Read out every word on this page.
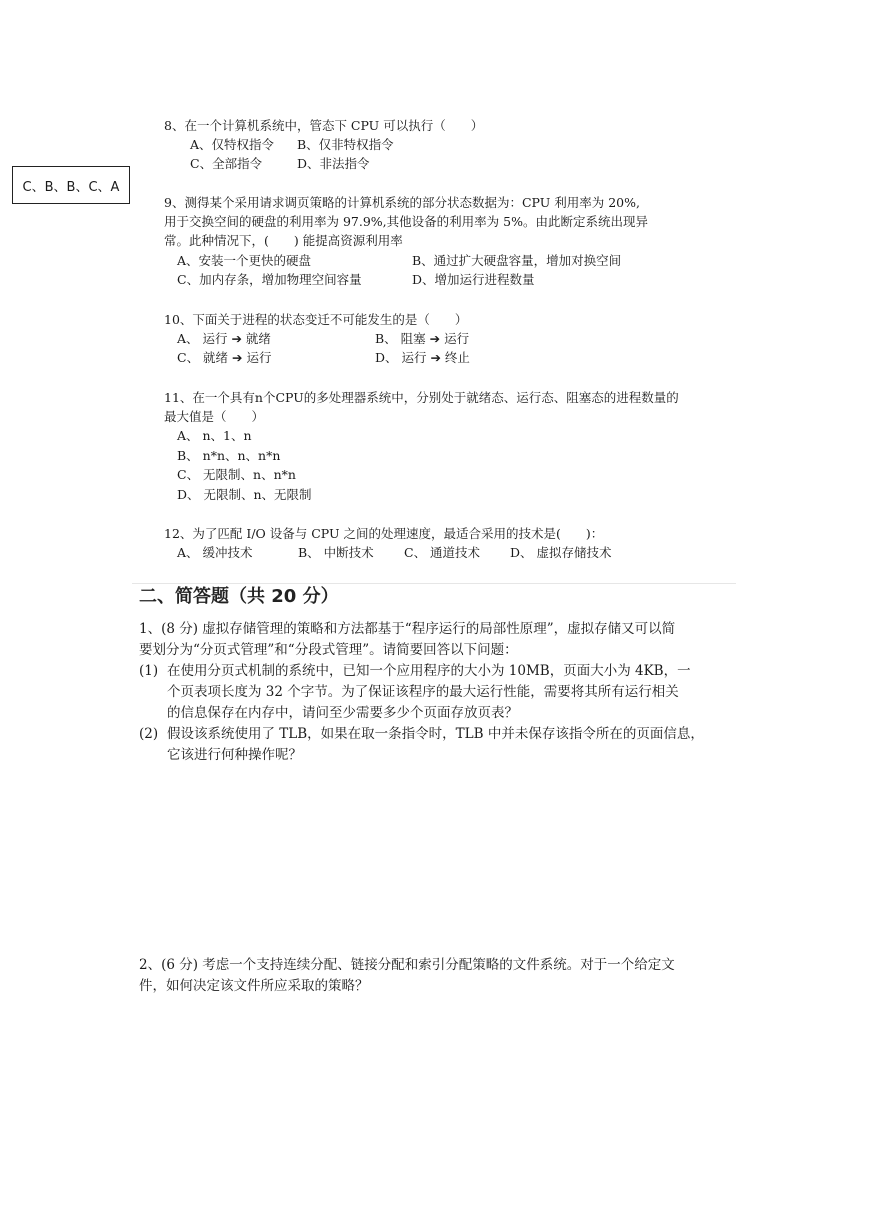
C、B、B、C、A
8、在一个计算机系统中，管态下 CPU 可以执行（　　）
A、仅特权指令 B、仅非特权指令
C、全部指令	D、非法指令
9、测得某个采用请求调页策略的计算机系统的部分状态数据为：CPU 利用率为 20%,
用于交换空间的硬盘的利用率为 97.9%,其他设备的利用率为 5%。由此断定系统出现异
常。此种情况下，(　　) 能提高资源利用率
A、安装一个更快的硬盘	B、通过扩大硬盘容量，增加对换空间
C、加内存条，增加物理空间容量	D、增加运行进程数量
10、下面关于进程的状态变迁不可能发生的是（　　）
A、 运行 ➔ 就绪	B、 阻塞 ➔ 运行
C、 就绪 ➔ 运行	D、 运行 ➔ 终止
11、在一个具有n个CPU的多处理器系统中，分别处于就绪态、运行态、阻塞态的进程数量的
最大值是（　　）
A、 n、1、n
B、 n*n、n、n*n
C、 无限制、n、n*n
D、 无限制、n、无限制
12、为了匹配 I/O 设备与 CPU 之间的处理速度，最适合采用的技术是(　　)：
A、 缓冲技术	B、 中断技术 C、 通道技术 D、 虚拟存储技术
二、简答题（共 20 分）
1、(8 分) 虚拟存储管理的策略和方法都基于“程序运行的局部性原理”，虚拟存储又可以简
要划分为“分页式管理”和“分段式管理”。请简要回答以下问题：
(1) 在使用分页式机制的系统中，已知一个应用程序的大小为 10MB，页面大小为 4KB，一
个页表项长度为 32 个字节。为了保证该程序的最大运行性能，需要将其所有运行相关
的信息保存在内存中，请问至少需要多少个页面存放页表？
(2) 假设该系统使用了 TLB，如果在取一条指令时，TLB 中并未保存该指令所在的页面信息，
它该进行何种操作呢？
2、(6 分) 考虑一个支持连续分配、链接分配和索引分配策略的文件系统。对于一个给定文
件，如何决定该文件所应采取的策略？
